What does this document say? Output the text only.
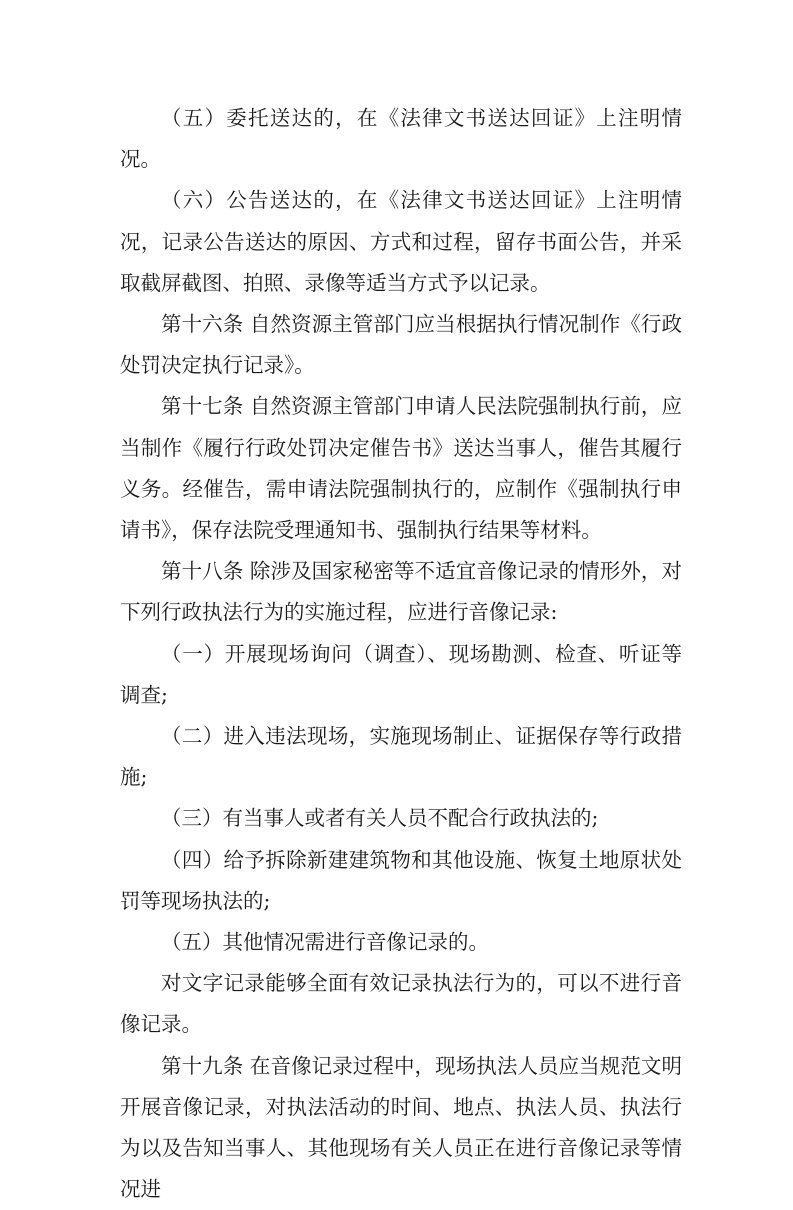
（五）委托送达的，在《法律文书送达回证》上注明情况。

（六）公告送达的，在《法律文书送达回证》上注明情况，记录公告送达的原因、方式和过程，留存书面公告，并采取截屏截图、拍照、录像等适当方式予以记录。

第十六条 自然资源主管部门应当根据执行情况制作《行政处罚决定执行记录》。

第十七条 自然资源主管部门申请人民法院强制执行前，应当制作《履行行政处罚决定催告书》送达当事人，催告其履行义务。经催告，需申请法院强制执行的，应制作《强制执行申请书》，保存法院受理通知书、强制执行结果等材料。

第十八条 除涉及国家秘密等不适宜音像记录的情形外，对下列行政执法行为的实施过程，应进行音像记录:

（一）开展现场询问（调查）、现场勘测、检查、听证等调查;

（二）进入违法现场，实施现场制止、证据保存等行政措施;

（三）有当事人或者有关人员不配合行政执法的;

（四）给予拆除新建建筑物和其他设施、恢复土地原状处罚等现场执法的;

（五）其他情况需进行音像记录的。

对文字记录能够全面有效记录执法行为的，可以不进行音像记录。

第十九条 在音像记录过程中，现场执法人员应当规范文明开展音像记录，对执法活动的时间、地点、执法人员、执法行为以及告知当事人、其他现场有关人员正在进行音像记录等情况进
